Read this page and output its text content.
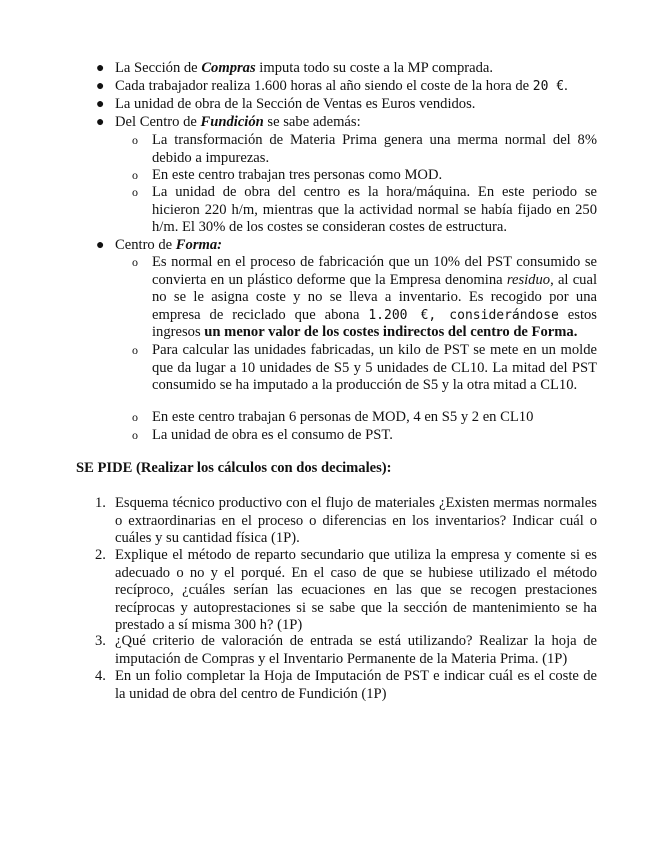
● La Sección de Compras imputa todo su coste a la MP comprada.

● Cada trabajador realiza 1.600 horas al año siendo el coste de la hora de 20 €.

● La unidad de obra de la Sección de Ventas es Euros vendidos.

● Del Centro de Fundición se sabe además:

o La transformación de Materia Prima genera una merma normal del 8% debido a impurezas.

o En este centro trabajan tres personas como MOD.

o La unidad de obra del centro es la hora/máquina. En este periodo se hicieron 220 h/m, mientras que la actividad normal se había fijado en 250 h/m. El 30% de los costes se consideran costes de estructura.

● Centro de Forma:

o Es normal en el proceso de fabricación que un 10% del PST consumido se convierta en un plástico deforme que la Empresa denomina residuo, al cual no se le asigna coste y no se lleva a inventario. Es recogido por una empresa de reciclado que abona 1.200 €, considerándose estos ingresos un menor valor de los costes indirectos del centro de Forma.

o Para calcular las unidades fabricadas, un kilo de PST se mete en un molde que da lugar a 10 unidades de S5 y 5 unidades de CL10. La mitad del PST consumido se ha imputado a la producción de S5 y la otra mitad a CL10.

o En este centro trabajan 6 personas de MOD, 4 en S5 y 2 en CL10

o La unidad de obra es el consumo de PST.

SE PIDE (Realizar los cálculos con dos decimales):

1. Esquema técnico productivo con el flujo de materiales ¿Existen mermas normales o extraordinarias en el proceso o diferencias en los inventarios? Indicar cuál o cuáles y su cantidad física (1P).

2. Explique el método de reparto secundario que utiliza la empresa y comente si es adecuado o no y el porqué. En el caso de que se hubiese utilizado el método recíproco, ¿cuáles serían las ecuaciones en las que se recogen prestaciones recíprocas y autoprestaciones si se sabe que la sección de mantenimiento se ha prestado a sí misma 300 h? (1P)

3. ¿Qué criterio de valoración de entrada se está utilizando? Realizar la hoja de imputación de Compras y el Inventario Permanente de la Materia Prima. (1P)

4. En un folio completar la Hoja de Imputación de PST e indicar cuál es el coste de la unidad de obra del centro de Fundición (1P)
